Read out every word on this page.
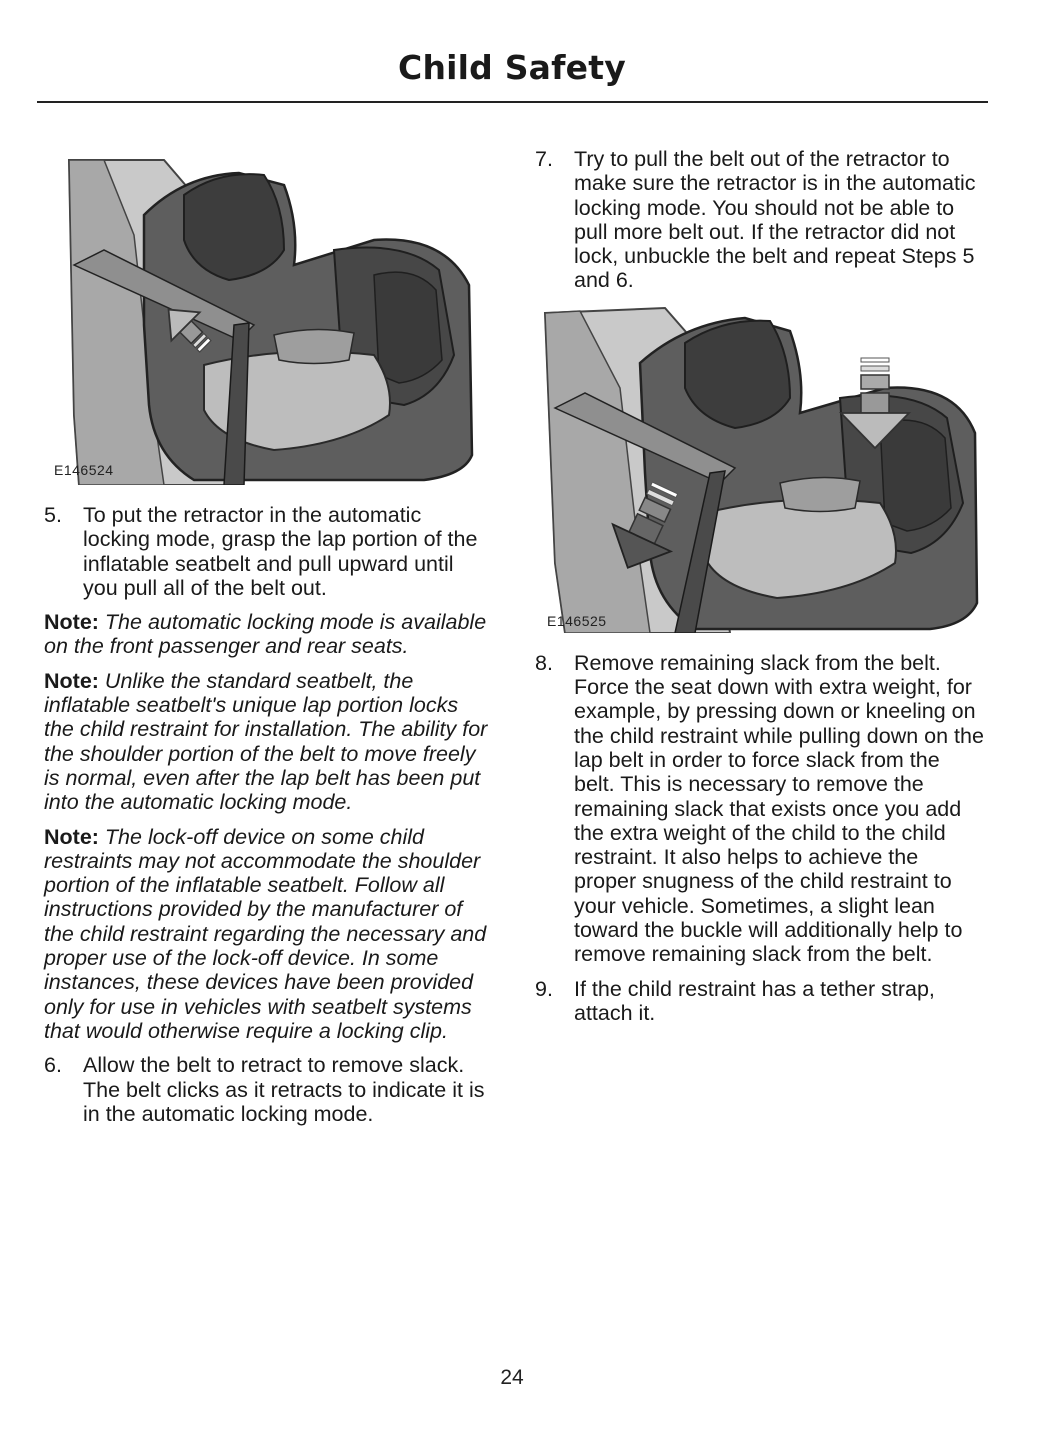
Child Safety
E146524
5. To put the retractor in the automatic locking mode, grasp the lap portion of the inflatable seatbelt and pull upward until you pull all of the belt out.

Note: The automatic locking mode is available on the front passenger and rear seats.

Note: Unlike the standard seatbelt, the inflatable seatbelt's unique lap portion locks the child restraint for installation. The ability for the shoulder portion of the belt to move freely is normal, even after the lap belt has been put into the automatic locking mode.

Note: The lock-off device on some child restraints may not accommodate the shoulder portion of the inflatable seatbelt. Follow all instructions provided by the manufacturer of the child restraint regarding the necessary and proper use of the lock-off device. In some instances, these devices have been provided only for use in vehicles with seatbelt systems that would otherwise require a locking clip.

6. Allow the belt to retract to remove slack. The belt clicks as it retracts to indicate it is in the automatic locking mode.
7. Try to pull the belt out of the retractor to make sure the retractor is in the automatic locking mode. You should not be able to pull more belt out. If the retractor did not lock, unbuckle the belt and repeat Steps 5 and 6.
E146525
8. Remove remaining slack from the belt. Force the seat down with extra weight, for example, by pressing down or kneeling on the child restraint while pulling down on the lap belt in order to force slack from the belt. This is necessary to remove the remaining slack that exists once you add the extra weight of the child to the child restraint. It also helps to achieve the proper snugness of the child restraint to your vehicle. Sometimes, a slight lean toward the buckle will additionally help to remove remaining slack from the belt.
9. If the child restraint has a tether strap, attach it.
24
